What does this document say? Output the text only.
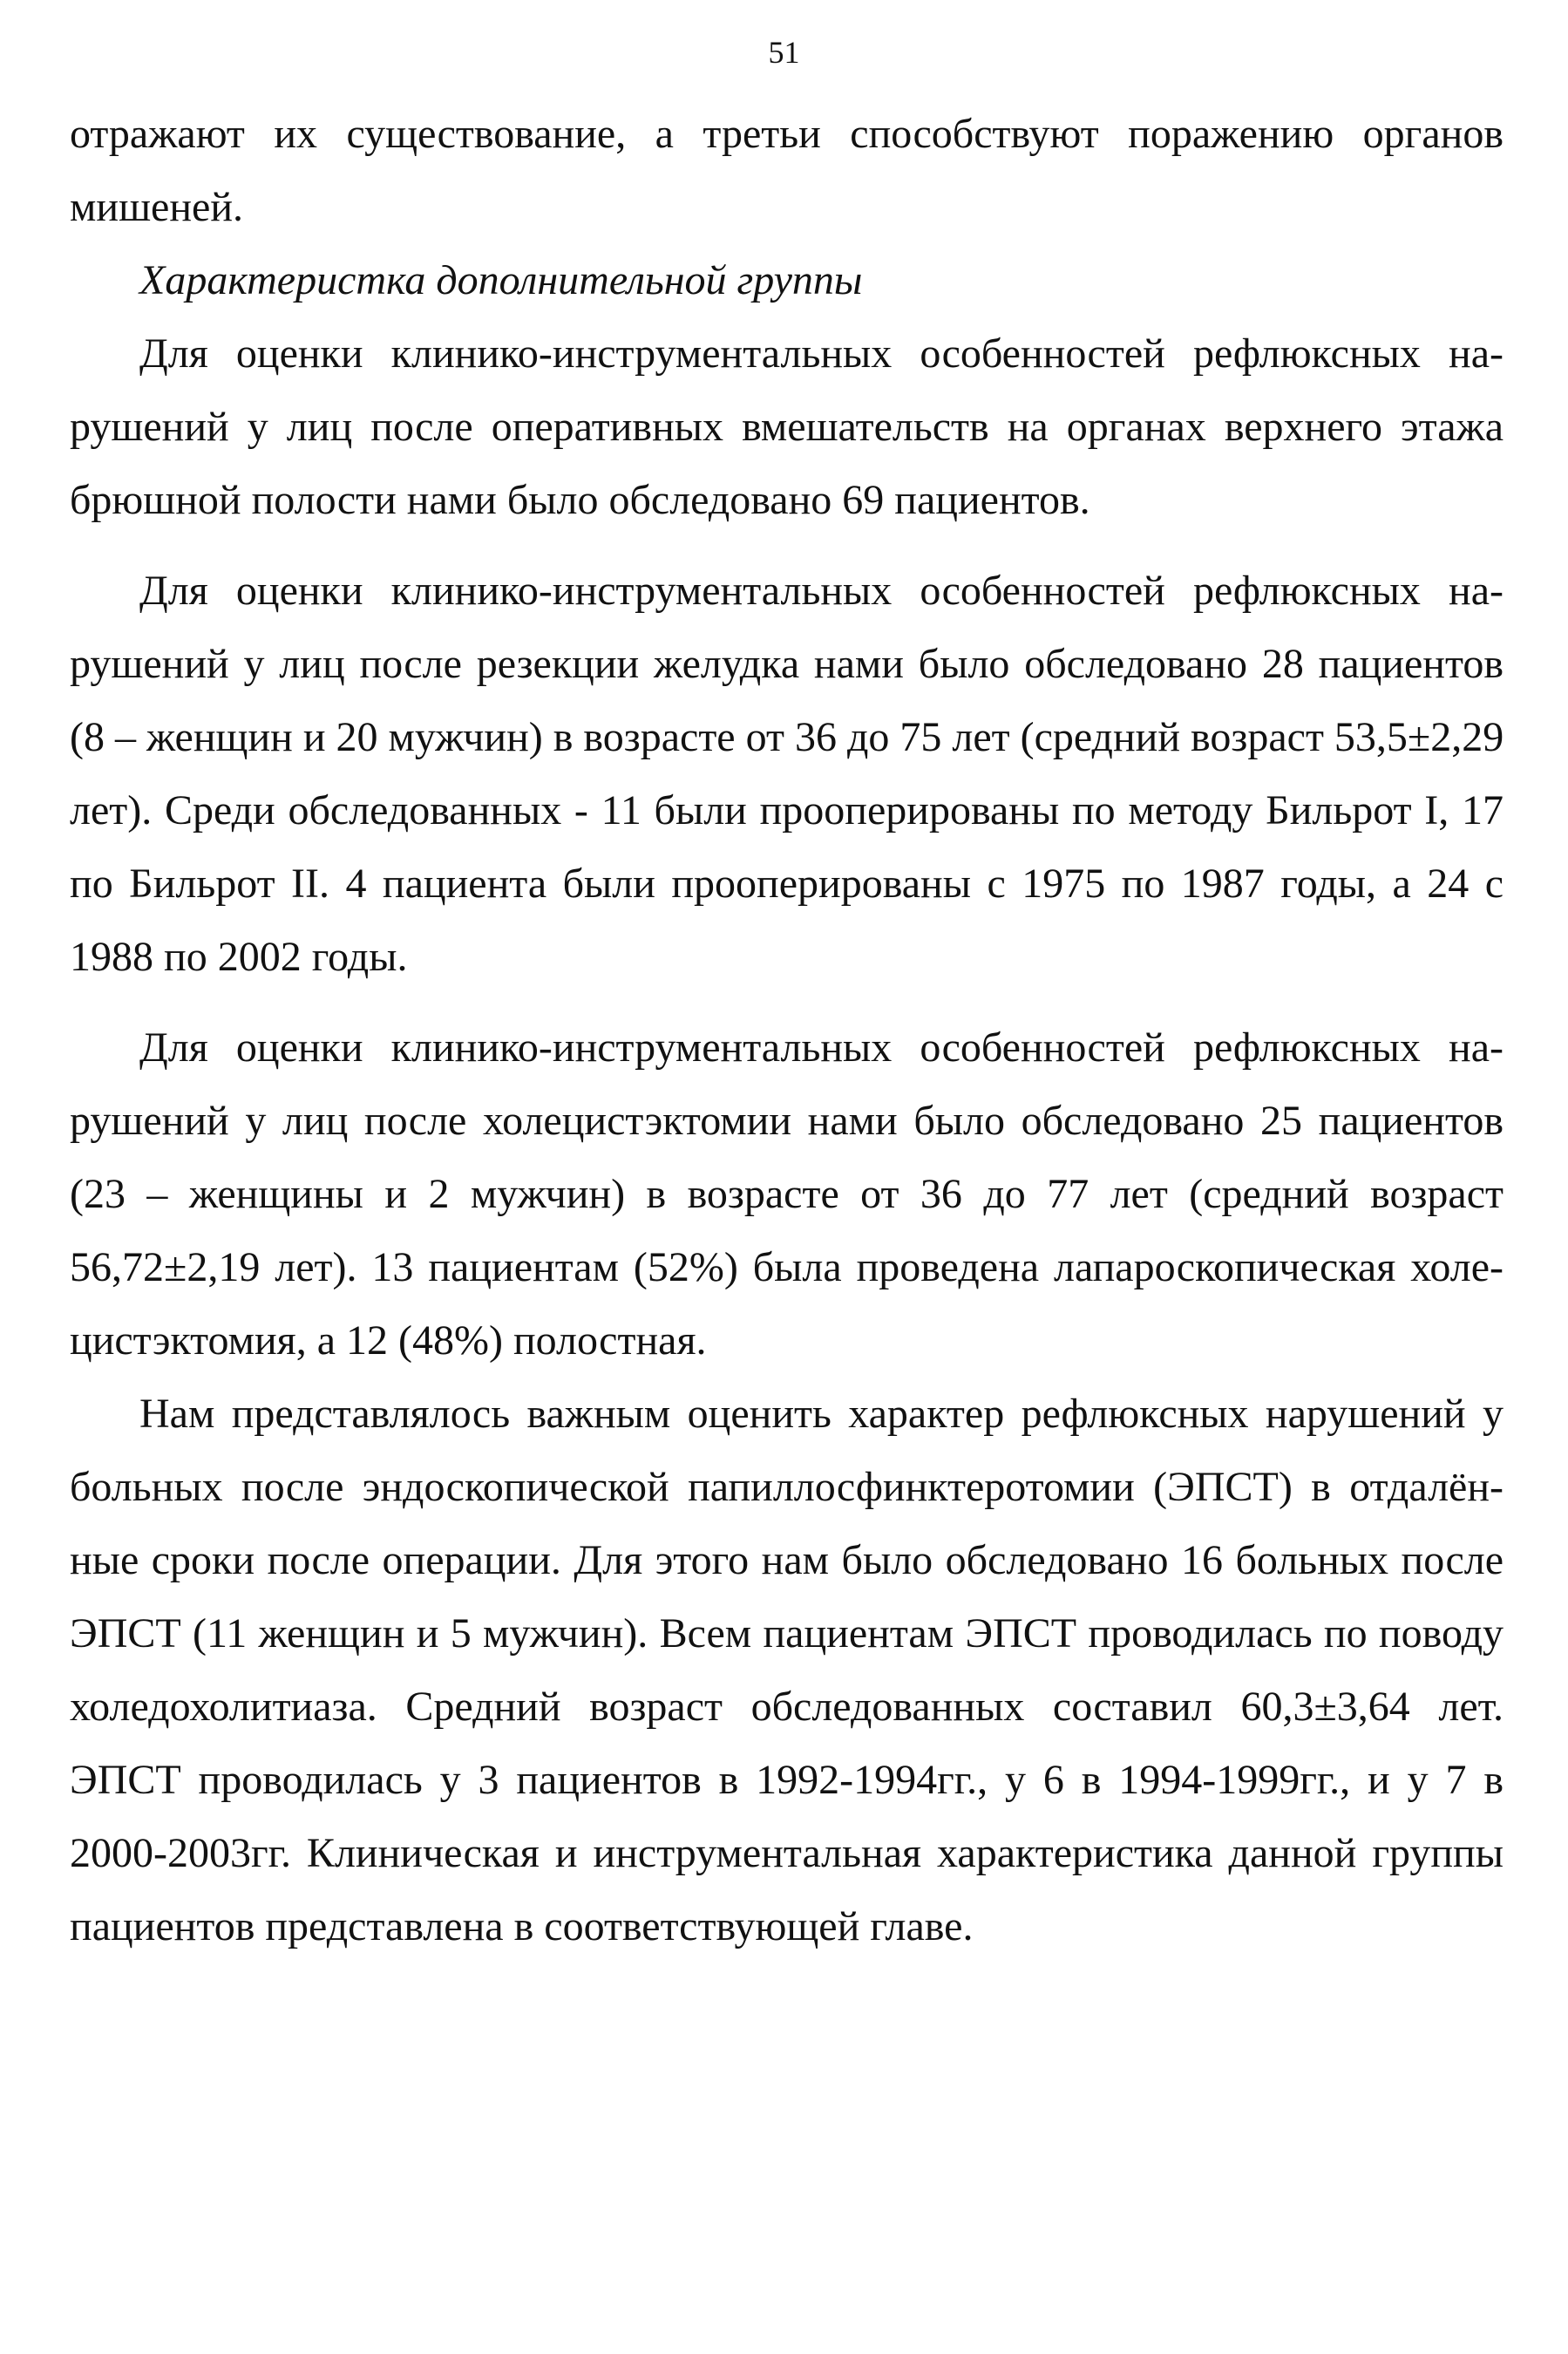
51
отражают их существование, а третьи способствуют поражению органов
мишеней.
Характеристка дополнительной группы
Для оценки клинико-инструментальных особенностей рефлюксных на-
рушений у лиц после оперативных вмешательств на органах верхнего этажа
брюшной полости нами было обследовано 69 пациентов.
Для оценки клинико-инструментальных особенностей рефлюксных на-
рушений у лиц после резекции желудка нами было обследовано 28 пациентов
(8 – женщин и 20 мужчин) в возрасте от 36 до 75 лет (средний возраст 53,5±2,29
лет). Среди обследованных - 11 были прооперированы по методу Бильрот I, 17
по Бильрот II. 4 пациента были прооперированы с 1975 по 1987 годы, а 24 с
1988 по 2002 годы.
Для оценки клинико-инструментальных особенностей рефлюксных на-
рушений у лиц после холецистэктомии нами было обследовано 25 пациентов
(23 – женщины и 2 мужчин) в возрасте от 36 до 77 лет (средний возраст
56,72±2,19 лет). 13 пациентам (52%) была проведена лапароскопическая холе-
цистэктомия, а 12 (48%) полостная.
Нам представлялось важным оценить характер рефлюксных нарушений у
больных после эндоскопической папиллосфинктеротомии (ЭПСТ) в отдалён-
ные сроки после операции. Для этого нам было обследовано 16 больных после
ЭПСТ (11 женщин и 5 мужчин). Всем пациентам ЭПСТ проводилась по поводу
холедохолитиаза. Средний возраст обследованных составил 60,3±3,64 лет.
ЭПСТ проводилась у 3 пациентов в 1992-1994гг., у 6 в 1994-1999гг., и у 7 в
2000-2003гг. Клиническая и инструментальная характеристика данной группы
пациентов представлена в соответствующей главе.
